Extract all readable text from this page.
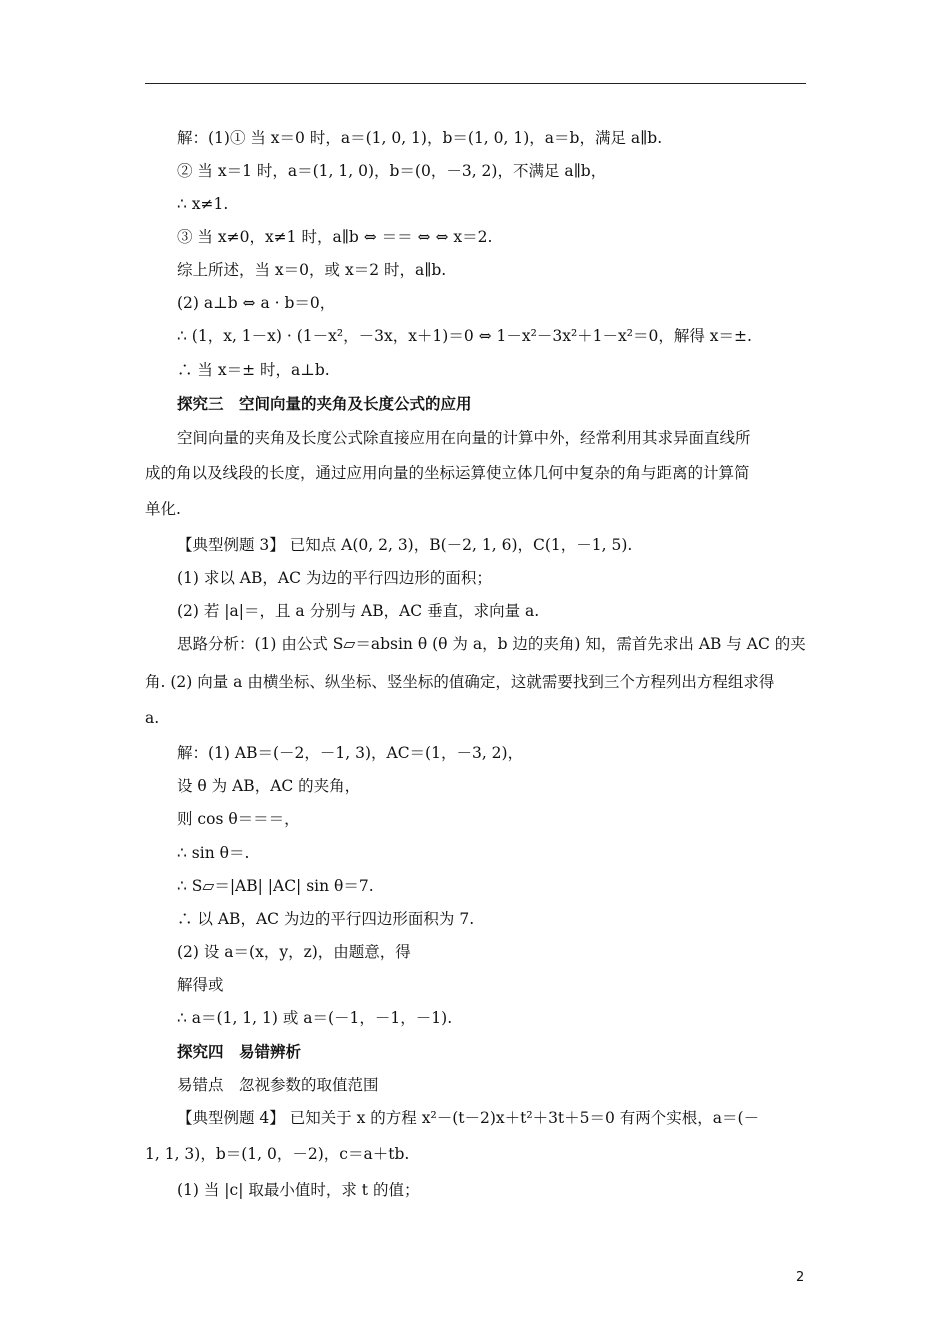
解：(1)① 当 x＝0 时，a＝(1, 0, 1)，b＝(1, 0, 1)，a＝b，满足 a∥b.
② 当 x＝1 时，a＝(1, 1, 0)，b＝(0，－3, 2)，不满足 a∥b，
∴ x≠1.
③ 当 x≠0，x≠1 时，a∥b ⇔ ＝＝ ⇔ ⇔ x＝2.
综上所述，当 x＝0，或 x＝2 时，a∥b.
(2) a⊥b ⇔ a · b＝0，
∴ (1，x, 1－x) · (1－x²，－3x，x＋1)＝0 ⇔ 1－x²－3x²＋1－x²＝0，解得 x＝±.
∴ 当 x＝± 时，a⊥b.
探究三　空间向量的夹角及长度公式的应用
空间向量的夹角及长度公式除直接应用在向量的计算中外，经常利用其求异面直线所
成的角以及线段的长度，通过应用向量的坐标运算使立体几何中复杂的角与距离的计算简
单化.
【典型例题 3】 已知点 A(0, 2, 3)，B(－2, 1, 6)，C(1，－1, 5).
(1) 求以 AB，AC 为边的平行四边形的面积；
(2) 若 |a|＝，且 a 分别与 AB，AC 垂直，求向量 a.
思路分析：(1) 由公式 S▱＝absin θ (θ 为 a，b 边的夹角) 知，需首先求出 AB 与 AC 的夹
角. (2) 向量 a 由横坐标、纵坐标、竖坐标的值确定，这就需要找到三个方程列出方程组求得
a.
解：(1) AB＝(－2，－1, 3)，AC＝(1，－3, 2)，
设 θ 为 AB，AC 的夹角，
则 cos θ＝＝＝，
∴ sin θ＝.
∴ S▱＝|AB| |AC| sin θ＝7.
∴ 以 AB，AC 为边的平行四边形面积为 7.
(2) 设 a＝(x，y，z)，由题意，得
解得或
∴ a＝(1, 1, 1) 或 a＝(－1，－1，－1).
探究四　易错辨析
易错点　忽视参数的取值范围
【典型例题 4】 已知关于 x 的方程 x²－(t－2)x＋t²＋3t＋5＝0 有两个实根，a＝(－
1, 1, 3)，b＝(1, 0，－2)，c＝a＋tb.
(1) 当 |c| 取最小值时，求 t 的值；
2
